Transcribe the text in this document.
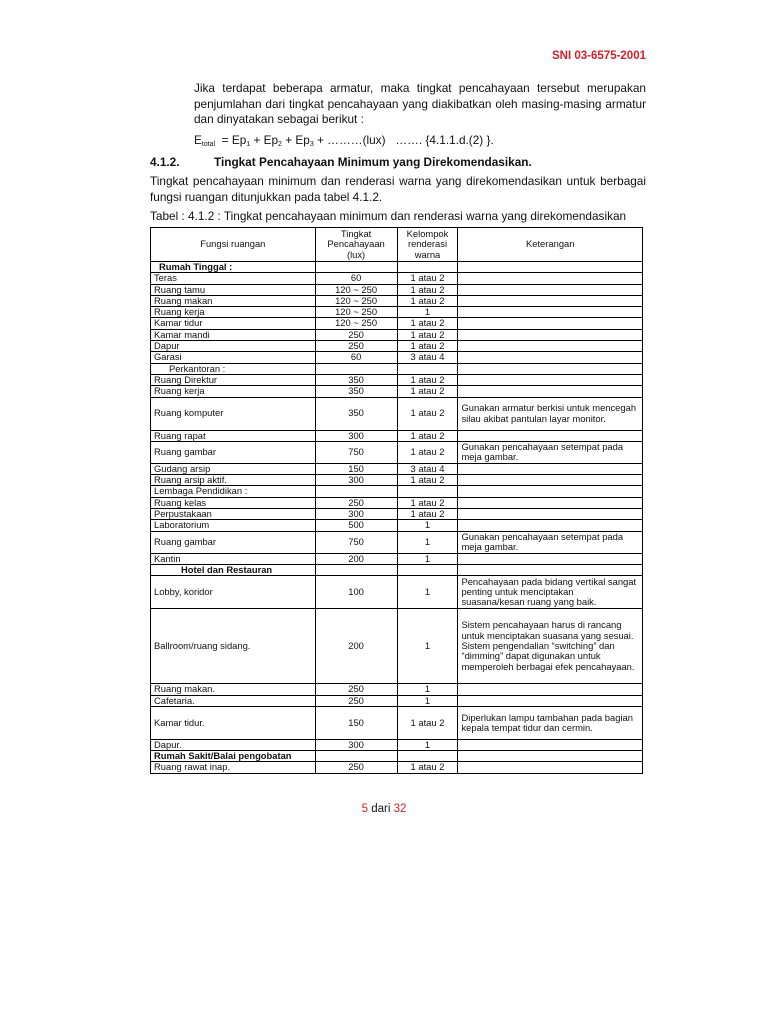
SNI 03-6575-2001

Jika terdapat beberapa armatur, maka tingkat pencahayaan tersebut merupakan penjumlahan dari tingkat pencahayaan yang diakibatkan oleh masing-masing armatur dan dinyatakan sebagai berikut :

$E_{total} = Ep_1 + Ep_2 + Ep_3$ + ………(lux)   ……. {4.1.1.d.(2) }.
4.1.2.	Tingkat Pencahayaan Minimum yang Direkomendasikan.

Tingkat pencahayaan minimum dan renderasi warna yang direkomendasikan untuk berbagai fungsi ruangan ditunjukkan pada tabel 4.1.2.

Tabel : 4.1.2 : Tingkat pencahayaan minimum dan renderasi warna yang direkomendasikan
Fungsi ruangan	Tingkat Pencahayaan (lux)	Kelompok renderasi warna	Keterangan
Rumah Tinggal :			
Teras	60	1 atau 2	
Ruang tamu	120 ~ 250	1 atau 2	
Ruang makan	120 ~ 250	1 atau 2	
Ruang kerja	120 ~ 250	1	
Kamar tidur	120 ~ 250	1 atau 2	
Kamar mandi	250	1 atau 2	
Dapur	250	1 atau 2	
Garasi	60	3 atau 4	
Perkantoran :			
Ruang Direktur	350	1 atau 2	
Ruang kerja	350	1 atau 2	
Ruang komputer	350	1 atau 2	Gunakan armatur berkisi untuk mencegah silau akibat pantulan layar monitor.
Ruang rapat	300	1 atau 2	
Ruang gambar	750	1 atau 2	Gunakan pencahayaan setempat pada meja gambar.
Gudang arsip	150	3 atau 4	
Ruang arsip aktif.	300	1 atau 2	
Lembaga Pendidikan :			
Ruang kelas	250	1 atau 2	
Perpustakaan	300	1 atau 2	
Laboratorium	500	1	
Ruang gambar	750	1	Gunakan pencahayaan setempat pada meja gambar.
Kantin	200	1	
Hotel dan Restauran			
Lobby, koridor	100	1	Pencahayaan pada bidang vertikal sangat penting untuk menciptakan suasana/kesan ruang yang baik.
Ballroom/ruang sidang.	200	1	Sistem pencahayaan harus di rancang untuk menciptakan suasana yang sesuai. Sistem pengendalian “switching” dan “dimming” dapat digunakan untuk memperoleh berbagai efek pencahayaan.
Ruang makan.	250	1	
Cafetaria.	250	1	
Kamar tidur.	150	1 atau 2	Diperlukan lampu tambahan pada bagian kepala tempat tidur dan cermin.
Dapur.	300	1	
Rumah Sakit/Balai pengobatan			
Ruang rawat inap.	250	1 atau 2	
5 dari 32
